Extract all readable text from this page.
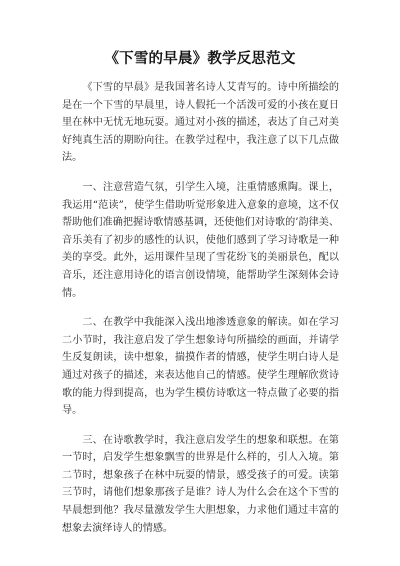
《下雪的早晨》教学反思范文

《下雪的早晨》是我国著名诗人艾青写的。诗中所描绘的是在一个下雪的早晨里，诗人假托一个活泼可爱的小孩在夏日里在林中无忧无地玩耍。通过对小孩的描述，表达了自己对美好纯真生活的期盼向往。在教学过程中，我注意了以下几点做法。

一、注意营造气氛，引学生入境，注重情感熏陶。课上，我运用“范读”，使学生借助听觉形象进入意象的意境，这不仅帮助他们准确把握诗歌情感基调，还使他们对诗歌的’韵律美、音乐美有了初步的感性的认识，使他们感到了学习诗歌是一种美的享受。此外，运用课件呈现了雪花纷飞的美丽景色，配以音乐，还注意用诗化的语言创设情境，能帮助学生深刻体会诗情。

二、在教学中我能深入浅出地渗透意象的解读。如在学习二小节时，我注意启发了学生想象诗句所描绘的画面，并请学生反复朗读，读中想象，揣摸作者的情感，使学生明白诗人是通过对孩子的描述，来表达他自己的情感。使学生理解欣赏诗歌的能力得到提高，也为学生模仿诗歌这一特点做了必要的指导。

三、在诗歌教学时，我注意启发学生的想象和联想。在第一节时，启发学生想象飘雪的世界是什么样的，引人入境。第二节时，想象孩子在林中玩耍的情景，感受孩子的可爱。读第三节时，请他们想象那孩子是谁？诗人为什么会在这个下雪的早晨想到他？我尽量激发学生大胆想象，力求他们通过丰富的想象去演绎诗人的情感。
